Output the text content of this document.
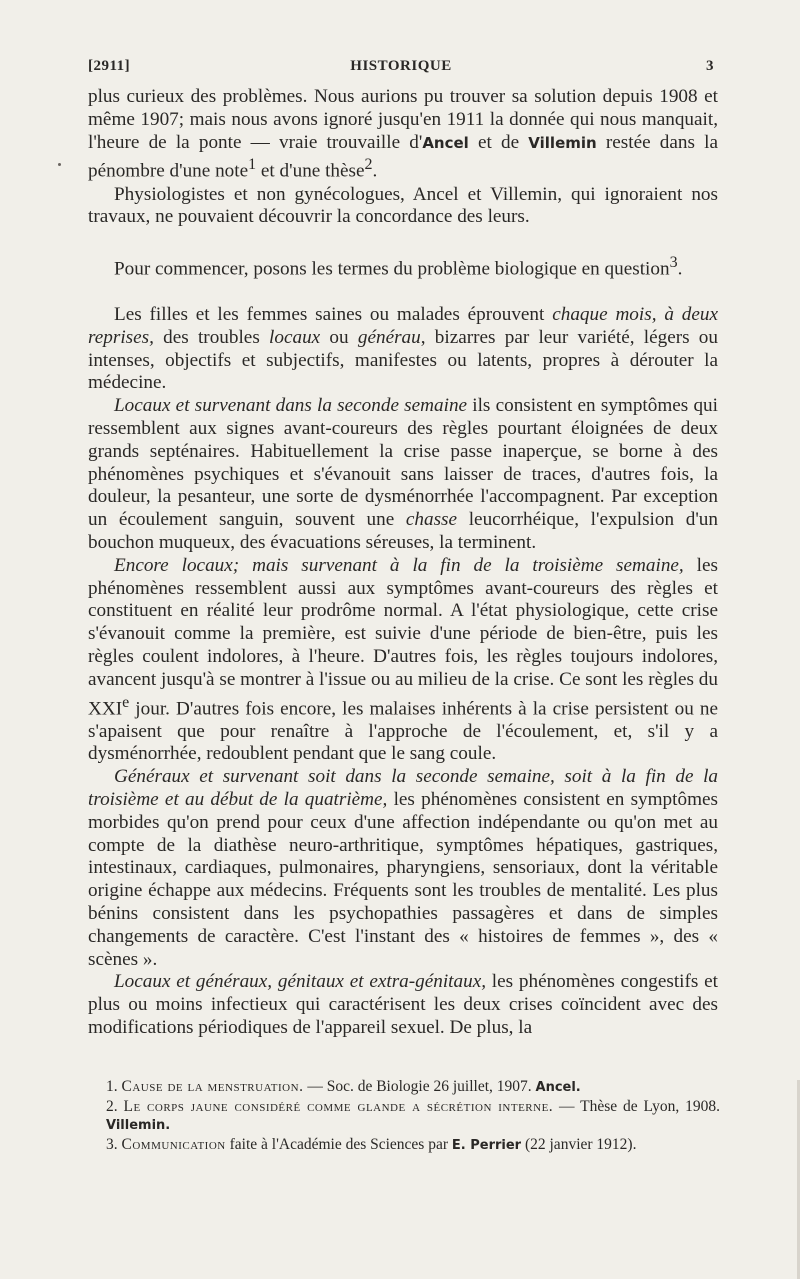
[2911]	HISTORIQUE	3

plus curieux des problèmes. Nous aurions pu trouver sa solution depuis 1908 et même 1907; mais nous avons ignoré jusqu'en 1911 la donnée qui nous manquait, l'heure de la ponte — vraie trouvaille d'Ancel et de Villemin restée dans la pénombre d'une note$^1$ et d'une thèse$^2$.

Physiologistes et non gynécologues, Ancel et Villemin, qui ignoraient nos travaux, ne pouvaient découvrir la concordance des leurs.

Pour commencer, posons les termes du problème biologique en question$^3$.

Les filles et les femmes saines ou malades éprouvent chaque mois, à deux reprises, des troubles locaux ou générau, bizarres par leur variété, légers ou intenses, objectifs et subjectifs, manifestes ou latents, propres à dérouter la médecine.

Locaux et survenant dans la seconde semaine ils consistent en symptômes qui ressemblent aux signes avant-coureurs des règles pourtant éloignées de deux grands septénaires. Habituellement la crise passe inaperçue, se borne à des phénomènes psychiques et s'évanouit sans laisser de traces, d'autres fois, la douleur, la pesanteur, une sorte de dysménorrhée l'accompagnent. Par exception un écoulement sanguin, souvent une chasse leucorrhéique, l'expulsion d'un bouchon muqueux, des évacuations séreuses, la terminent.

Encore locaux; mais survenant à la fin de la troisième semaine, les phénomènes ressemblent aussi aux symptômes avant-coureurs des règles et constituent en réalité leur prodrôme normal. A l'état physiologique, cette crise s'évanouit comme la première, est suivie d'une période de bien-être, puis les règles coulent indolores, à l'heure. D'autres fois, les règles toujours indolores, avancent jusqu'à se montrer à l'issue ou au milieu de la crise. Ce sont les règles du XXIe jour. D'autres fois encore, les malaises inhérents à la crise persistent ou ne s'apaisent que pour renaître à l'approche de l'écoulement, et, s'il y a dysménorrhée, redoublent pendant que le sang coule.

Généraux et survenant soit dans la seconde semaine, soit à la fin de la troisième et au début de la quatrième, les phénomènes consistent en symptômes morbides qu'on prend pour ceux d'une affection indépendante ou qu'on met au compte de la diathèse neuro-arthritique, symptômes hépatiques, gastriques, intestinaux, cardiaques, pulmonaires, pharyngiens, sensoriaux, dont la véritable origine échappe aux médecins. Fréquents sont les troubles de mentalité. Les plus bénins consistent dans les psychopathies passagères et dans de simples changements de caractère. C'est l'instant des « histoires de femmes », des « scènes ».

Locaux et généraux, génitaux et extra-génitaux, les phénomènes congestifs et plus ou moins infectieux qui caractérisent les deux crises coïncident avec des modifications périodiques de l'appareil sexuel. De plus, la

1. Cause de la menstruation. — Soc. de Biologie 26 juillet, 1907. Ancel.

2. Le corps jaune considéré comme glande a sécrétion interne. — Thèse de Lyon, 1908. Villemin.

3. Communication faite à l'Académie des Sciences par E. Perrier (22 janvier 1912).
